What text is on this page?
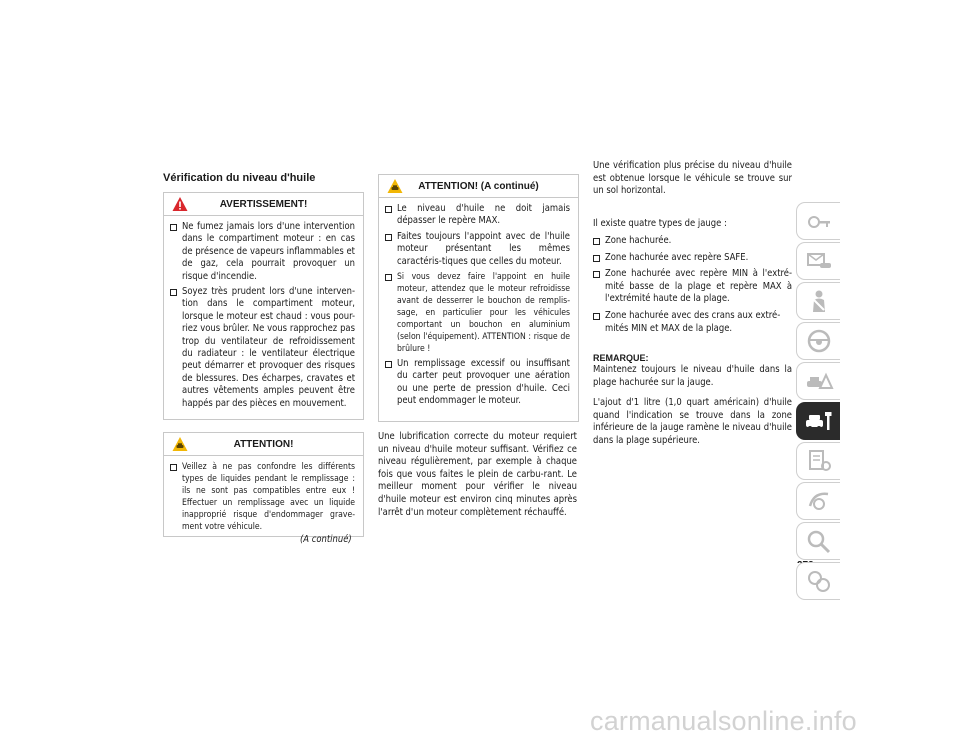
Vérification du niveau d'huile
AVERTISSEMENT!
Ne fumez jamais lors d'une intervention dans le compartiment moteur : en cas de présence de vapeurs inflammables et de gaz, cela pourrait provoquer un risque d'incendie.
Soyez très prudent lors d'une interven-tion dans le compartiment moteur, lorsque le moteur est chaud : vous pour-riez vous brûler. Ne vous rapprochez pas trop du ventilateur de refroidissement du radiateur : le ventilateur électrique peut démarrer et provoquer des risques de blessures. Des écharpes, cravates et autres vêtements amples peuvent être happés par des pièces en mouvement.
ATTENTION!
Veillez à ne pas confondre les différents types de liquides pendant le remplissage : ils ne sont pas compatibles entre eux ! Effectuer un remplissage avec un liquide inapproprié risque d'endommager grave-ment votre véhicule.
(A continué)
ATTENTION! (A continué)
Le niveau d'huile ne doit jamais dépasser le repère MAX.
Faites toujours l'appoint avec de l'huile moteur présentant les mêmes caractéris-tiques que celles du moteur.
Si vous devez faire l'appoint en huile moteur, attendez que le moteur refroidisse avant de desserrer le bouchon de remplis-sage, en particulier pour les véhicules comportant un bouchon en aluminium (selon l'équipement). ATTENTION : risque de brûlure !
Un remplissage excessif ou insuffisant du carter peut provoquer une aération ou une perte de pression d'huile. Ceci peut endommager le moteur.
Une lubrification correcte du moteur requiert un niveau d'huile moteur suffisant. Vérifiez ce niveau régulièrement, par exemple à chaque fois que vous faites le plein de carbu-rant. Le meilleur moment pour vérifier le niveau d'huile moteur est environ cinq minutes après l'arrêt d'un moteur complètement réchauffé.
Une vérification plus précise du niveau d'huile est obtenue lorsque le véhicule se trouve sur un sol horizontal.
Il existe quatre types de jauge :
Zone hachurée.
Zone hachurée avec repère SAFE.
Zone hachurée avec repère MIN à l'extré-mité basse de la plage et repère MAX à l'extrémité haute de la plage.
Zone hachurée avec des crans aux extré-mités MIN et MAX de la plage.
REMARQUE:
Maintenez toujours le niveau d'huile dans la plage hachurée sur la jauge.
L'ajout d'1 litre (1,0 quart américain) d'huile quand l'indication se trouve dans la zone inférieure de la jauge ramène le niveau d'huile dans la plage supérieure.
carmanualsonline.info
